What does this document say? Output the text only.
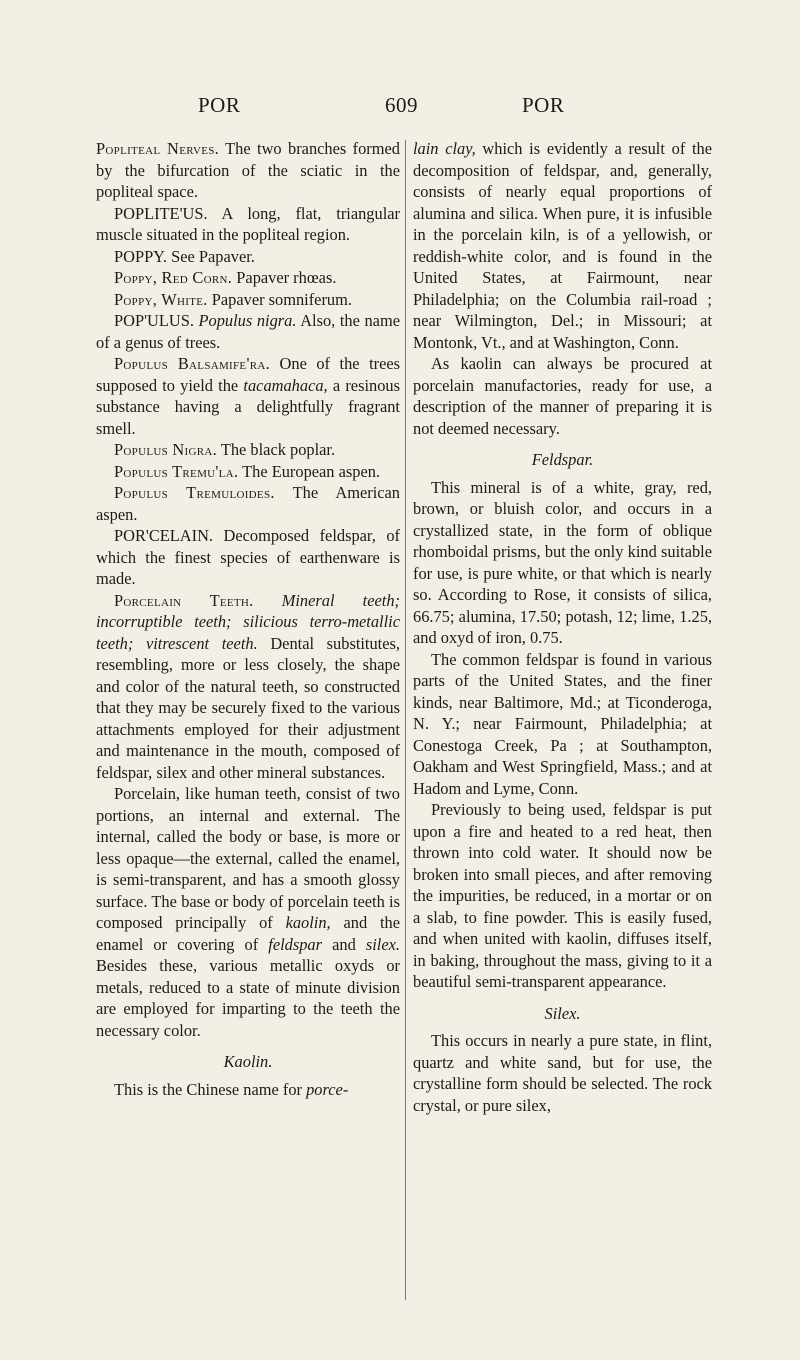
POR	609	POR

Popliteal Nerves. The two branches formed by the bifurcation of the sciatic in the popliteal space.

POPLITE'US. A long, flat, triangular muscle situated in the popliteal region.

POPPY. See Papaver.

Poppy, Red Corn. Papaver rhœas.

Poppy, White. Papaver somniferum.

POP'ULUS. Populus nigra. Also, the name of a genus of trees.

Populus Balsamife'ra. One of the trees supposed to yield the tacamahaca, a resinous substance having a delightfully fragrant smell.

Populus Nigra. The black poplar.

Populus Tremu'la. The European aspen.

Populus Tremuloides. The American aspen.

POR'CELAIN. Decomposed feldspar, of which the finest species of earthenware is made.

Porcelain Teeth. Mineral teeth; incorruptible teeth; silicious terro-metallic teeth; vitrescent teeth. Dental substitutes, resembling, more or less closely, the shape and color of the natural teeth, so constructed that they may be securely fixed to the various attachments employed for their adjustment and maintenance in the mouth, composed of feldspar, silex and other mineral substances.

Porcelain, like human teeth, consist of two portions, an internal and external. The internal, called the body or base, is more or less opaque—the external, called the enamel, is semi-transparent, and has a smooth glossy surface. The base or body of porcelain teeth is composed principally of kaolin, and the enamel or covering of feldspar and silex. Besides these, various metallic oxyds or metals, reduced to a state of minute division are employed for imparting to the teeth the necessary color.

Kaolin.

This is the Chinese name for porce-

lain clay, which is evidently a result of the decomposition of feldspar, and, generally, consists of nearly equal proportions of alumina and silica. When pure, it is infusible in the porcelain kiln, is of a yellowish, or reddish-white color, and is found in the United States, at Fairmount, near Philadelphia; on the Columbia rail-road ; near Wilmington, Del.; in Missouri; at Montonk, Vt., and at Washington, Conn.

As kaolin can always be procured at porcelain manufactories, ready for use, a description of the manner of preparing it is not deemed necessary.

Feldspar.

This mineral is of a white, gray, red, brown, or bluish color, and occurs in a crystallized state, in the form of oblique rhomboidal prisms, but the only kind suitable for use, is pure white, or that which is nearly so. According to Rose, it consists of silica, 66.75; alumina, 17.50; potash, 12; lime, 1.25, and oxyd of iron, 0.75.

The common feldspar is found in various parts of the United States, and the finer kinds, near Baltimore, Md.; at Ticonderoga, N. Y.; near Fairmount, Philadelphia; at Conestoga Creek, Pa ; at Southampton, Oakham and West Springfield, Mass.; and at Hadom and Lyme, Conn.

Previously to being used, feldspar is put upon a fire and heated to a red heat, then thrown into cold water. It should now be broken into small pieces, and after removing the impurities, be reduced, in a mortar or on a slab, to fine powder. This is easily fused, and when united with kaolin, diffuses itself, in baking, throughout the mass, giving to it a beautiful semi-transparent appearance.

Silex.

This occurs in nearly a pure state, in flint, quartz and white sand, but for use, the crystalline form should be selected. The rock crystal, or pure silex,
